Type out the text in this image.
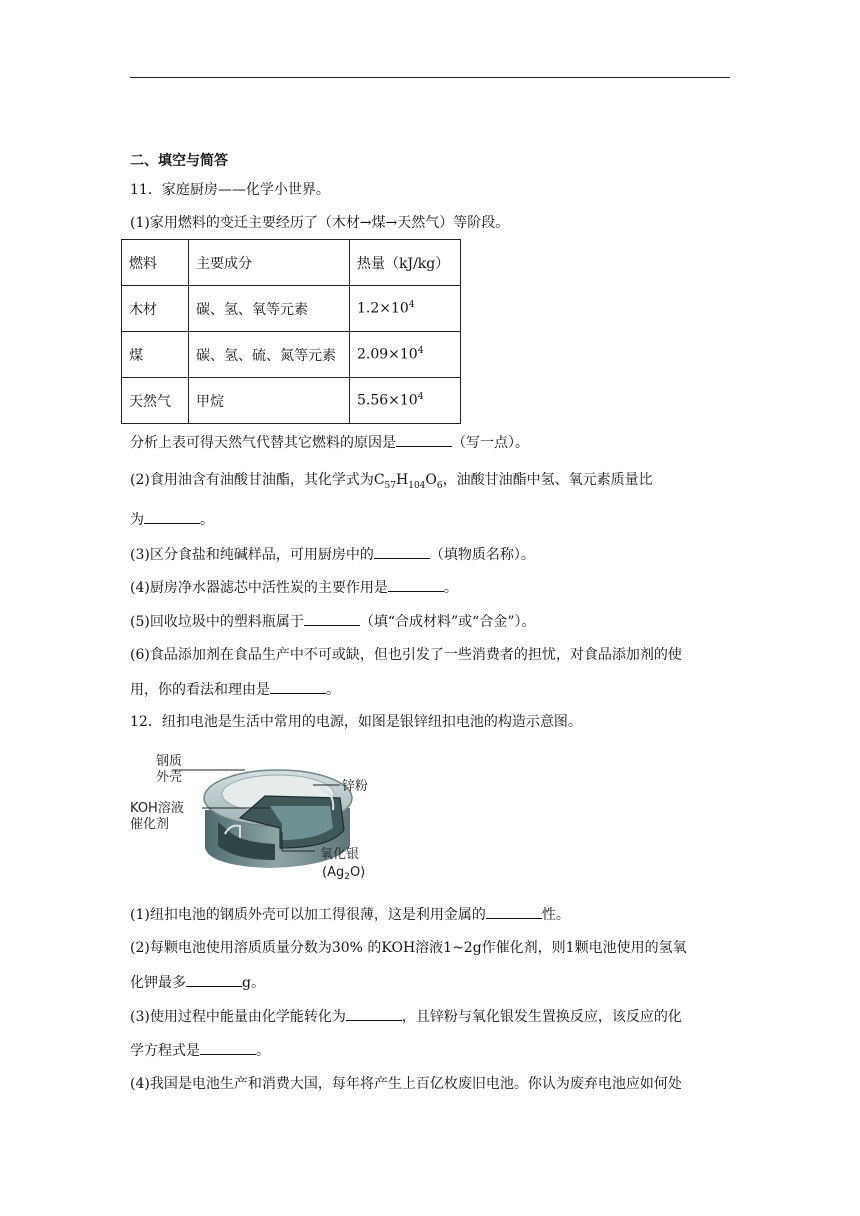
二、填空与简答
11．家庭厨房——化学小世界。
(1)家用燃料的变迁主要经历了（木材→煤→天然气）等阶段。
燃料	主要成分	热量（kJ/kg）
木材	碳、氢、氧等元素	$1.2\times 10^4$
煤	碳、氢、硫、氮等元素	$2.09\times 10^4$
天然气	甲烷	$5.56\times 10^4$
分析上表可得天然气代替其它燃料的原因是	（写一点）。
(2)食用油含有油酸甘油酯，其化学式为$C_{57}H_{104}O_6$，油酸甘油酯中氢、氧元素质量比
为	。
(3)区分食盐和纯碱样品，可用厨房中的	（填物质名称）。
(4)厨房净水器滤芯中活性炭的主要作用是	。
(5)回收垃圾中的塑料瓶属于	（填“合成材料”或“合金”）。
(6)食品添加剂在食品生产中不可或缺，但也引发了一些消费者的担忧，对食品添加剂的使
用，你的看法和理由是	。
12．纽扣电池是生活中常用的电源，如图是银锌纽扣电池的构造示意图。
钢质
外壳
锌粉
KOH溶液
催化剂
氧化银
$(Ag_2O)$
(1)纽扣电池的钢质外壳可以加工得很薄，这是利用金属的	性。
(2)每颗电池使用溶质质量分数为30% 的KOH溶液1~2g作催化剂，则1颗电池使用的氢氧
化钾最多	g。
(3)使用过程中能量由化学能转化为	，且锌粉与氧化银发生置换反应，该反应的化
学方程式是	。
(4)我国是电池生产和消费大国，每年将产生上百亿枚废旧电池。你认为废弃电池应如何处
